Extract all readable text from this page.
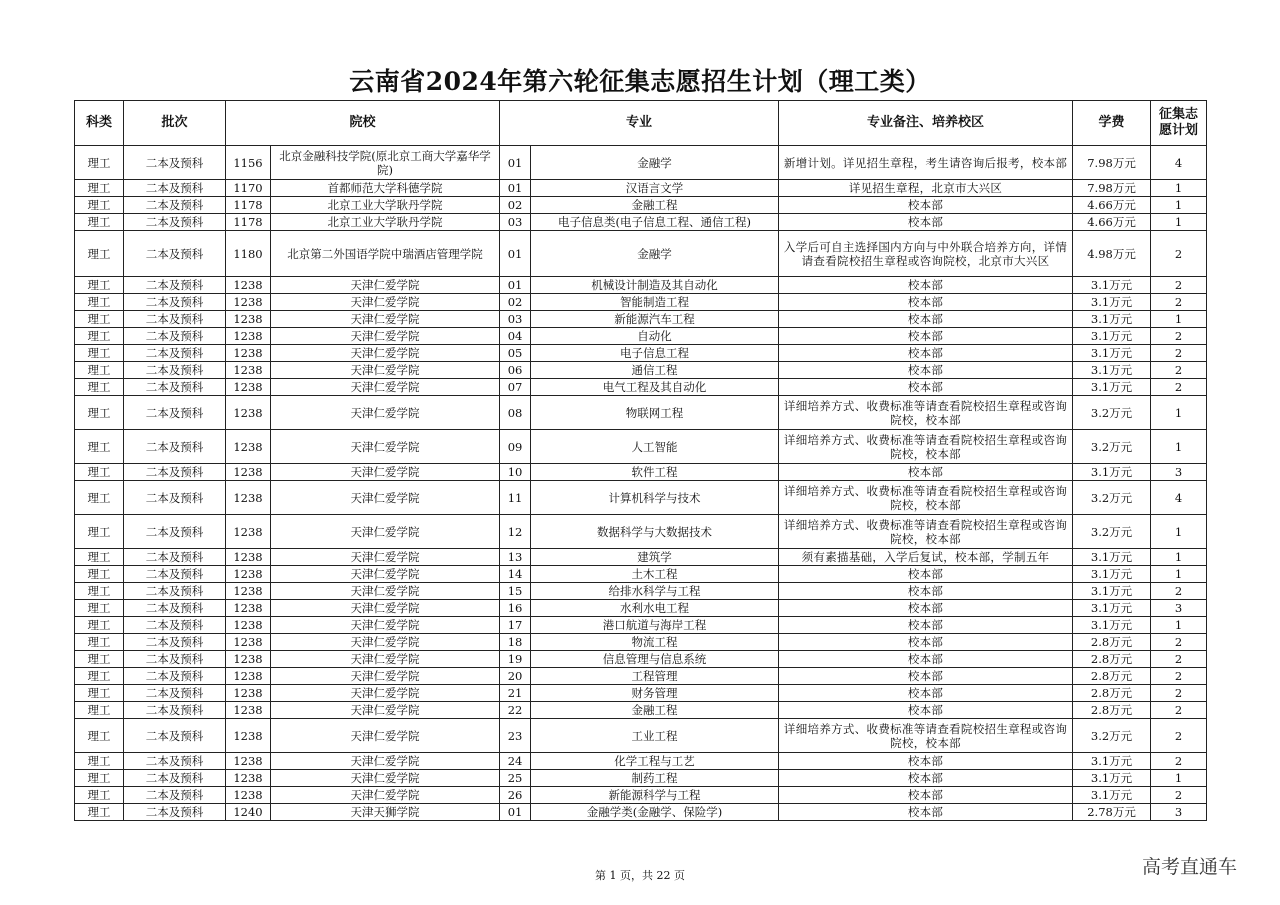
云南省2024年第六轮征集志愿招生计划（理工类）
科类	批次	院校		专业		专业备注、培养校区	学费	征集志愿计划
理工	二本及预科	1156	北京金融科技学院(原北京工商大学嘉华学院)	01	金融学	新增计划。详见招生章程，考生请咨询后报考，校本部	7.98万元	4
理工	二本及预科	1170	首都师范大学科德学院	01	汉语言文学	详见招生章程，北京市大兴区	7.98万元	1
理工	二本及预科	1178	北京工业大学耿丹学院	02	金融工程	校本部	4.66万元	1
理工	二本及预科	1178	北京工业大学耿丹学院	03	电子信息类(电子信息工程、通信工程)	校本部	4.66万元	1
理工	二本及预科	1180	北京第二外国语学院中瑞酒店管理学院	01	金融学	入学后可自主选择国内方向与中外联合培养方向，详情请查看院校招生章程或咨询院校，北京市大兴区	4.98万元	2
理工	二本及预科	1238	天津仁爱学院	01	机械设计制造及其自动化	校本部	3.1万元	2
理工	二本及预科	1238	天津仁爱学院	02	智能制造工程	校本部	3.1万元	2
理工	二本及预科	1238	天津仁爱学院	03	新能源汽车工程	校本部	3.1万元	1
理工	二本及预科	1238	天津仁爱学院	04	自动化	校本部	3.1万元	2
理工	二本及预科	1238	天津仁爱学院	05	电子信息工程	校本部	3.1万元	2
理工	二本及预科	1238	天津仁爱学院	06	通信工程	校本部	3.1万元	2
理工	二本及预科	1238	天津仁爱学院	07	电气工程及其自动化	校本部	3.1万元	2
理工	二本及预科	1238	天津仁爱学院	08	物联网工程	详细培养方式、收费标准等请查看院校招生章程或咨询院校，校本部	3.2万元	1
理工	二本及预科	1238	天津仁爱学院	09	人工智能	详细培养方式、收费标准等请查看院校招生章程或咨询院校，校本部	3.2万元	1
理工	二本及预科	1238	天津仁爱学院	10	软件工程	校本部	3.1万元	3
理工	二本及预科	1238	天津仁爱学院	11	计算机科学与技术	详细培养方式、收费标准等请查看院校招生章程或咨询院校，校本部	3.2万元	4
理工	二本及预科	1238	天津仁爱学院	12	数据科学与大数据技术	详细培养方式、收费标准等请查看院校招生章程或咨询院校，校本部	3.2万元	1
理工	二本及预科	1238	天津仁爱学院	13	建筑学	须有素描基础，入学后复试，校本部，学制五年	3.1万元	1
理工	二本及预科	1238	天津仁爱学院	14	土木工程	校本部	3.1万元	1
理工	二本及预科	1238	天津仁爱学院	15	给排水科学与工程	校本部	3.1万元	2
理工	二本及预科	1238	天津仁爱学院	16	水利水电工程	校本部	3.1万元	3
理工	二本及预科	1238	天津仁爱学院	17	港口航道与海岸工程	校本部	3.1万元	1
理工	二本及预科	1238	天津仁爱学院	18	物流工程	校本部	2.8万元	2
理工	二本及预科	1238	天津仁爱学院	19	信息管理与信息系统	校本部	2.8万元	2
理工	二本及预科	1238	天津仁爱学院	20	工程管理	校本部	2.8万元	2
理工	二本及预科	1238	天津仁爱学院	21	财务管理	校本部	2.8万元	2
理工	二本及预科	1238	天津仁爱学院	22	金融工程	校本部	2.8万元	2
理工	二本及预科	1238	天津仁爱学院	23	工业工程	详细培养方式、收费标准等请查看院校招生章程或咨询院校，校本部	3.2万元	2
理工	二本及预科	1238	天津仁爱学院	24	化学工程与工艺	校本部	3.1万元	2
理工	二本及预科	1238	天津仁爱学院	25	制药工程	校本部	3.1万元	1
理工	二本及预科	1238	天津仁爱学院	26	新能源科学与工程	校本部	3.1万元	2
理工	二本及预科	1240	天津天狮学院	01	金融学类(金融学、保险学)	校本部	2.78万元	3
第 1 页，共 22 页	高考直通车
